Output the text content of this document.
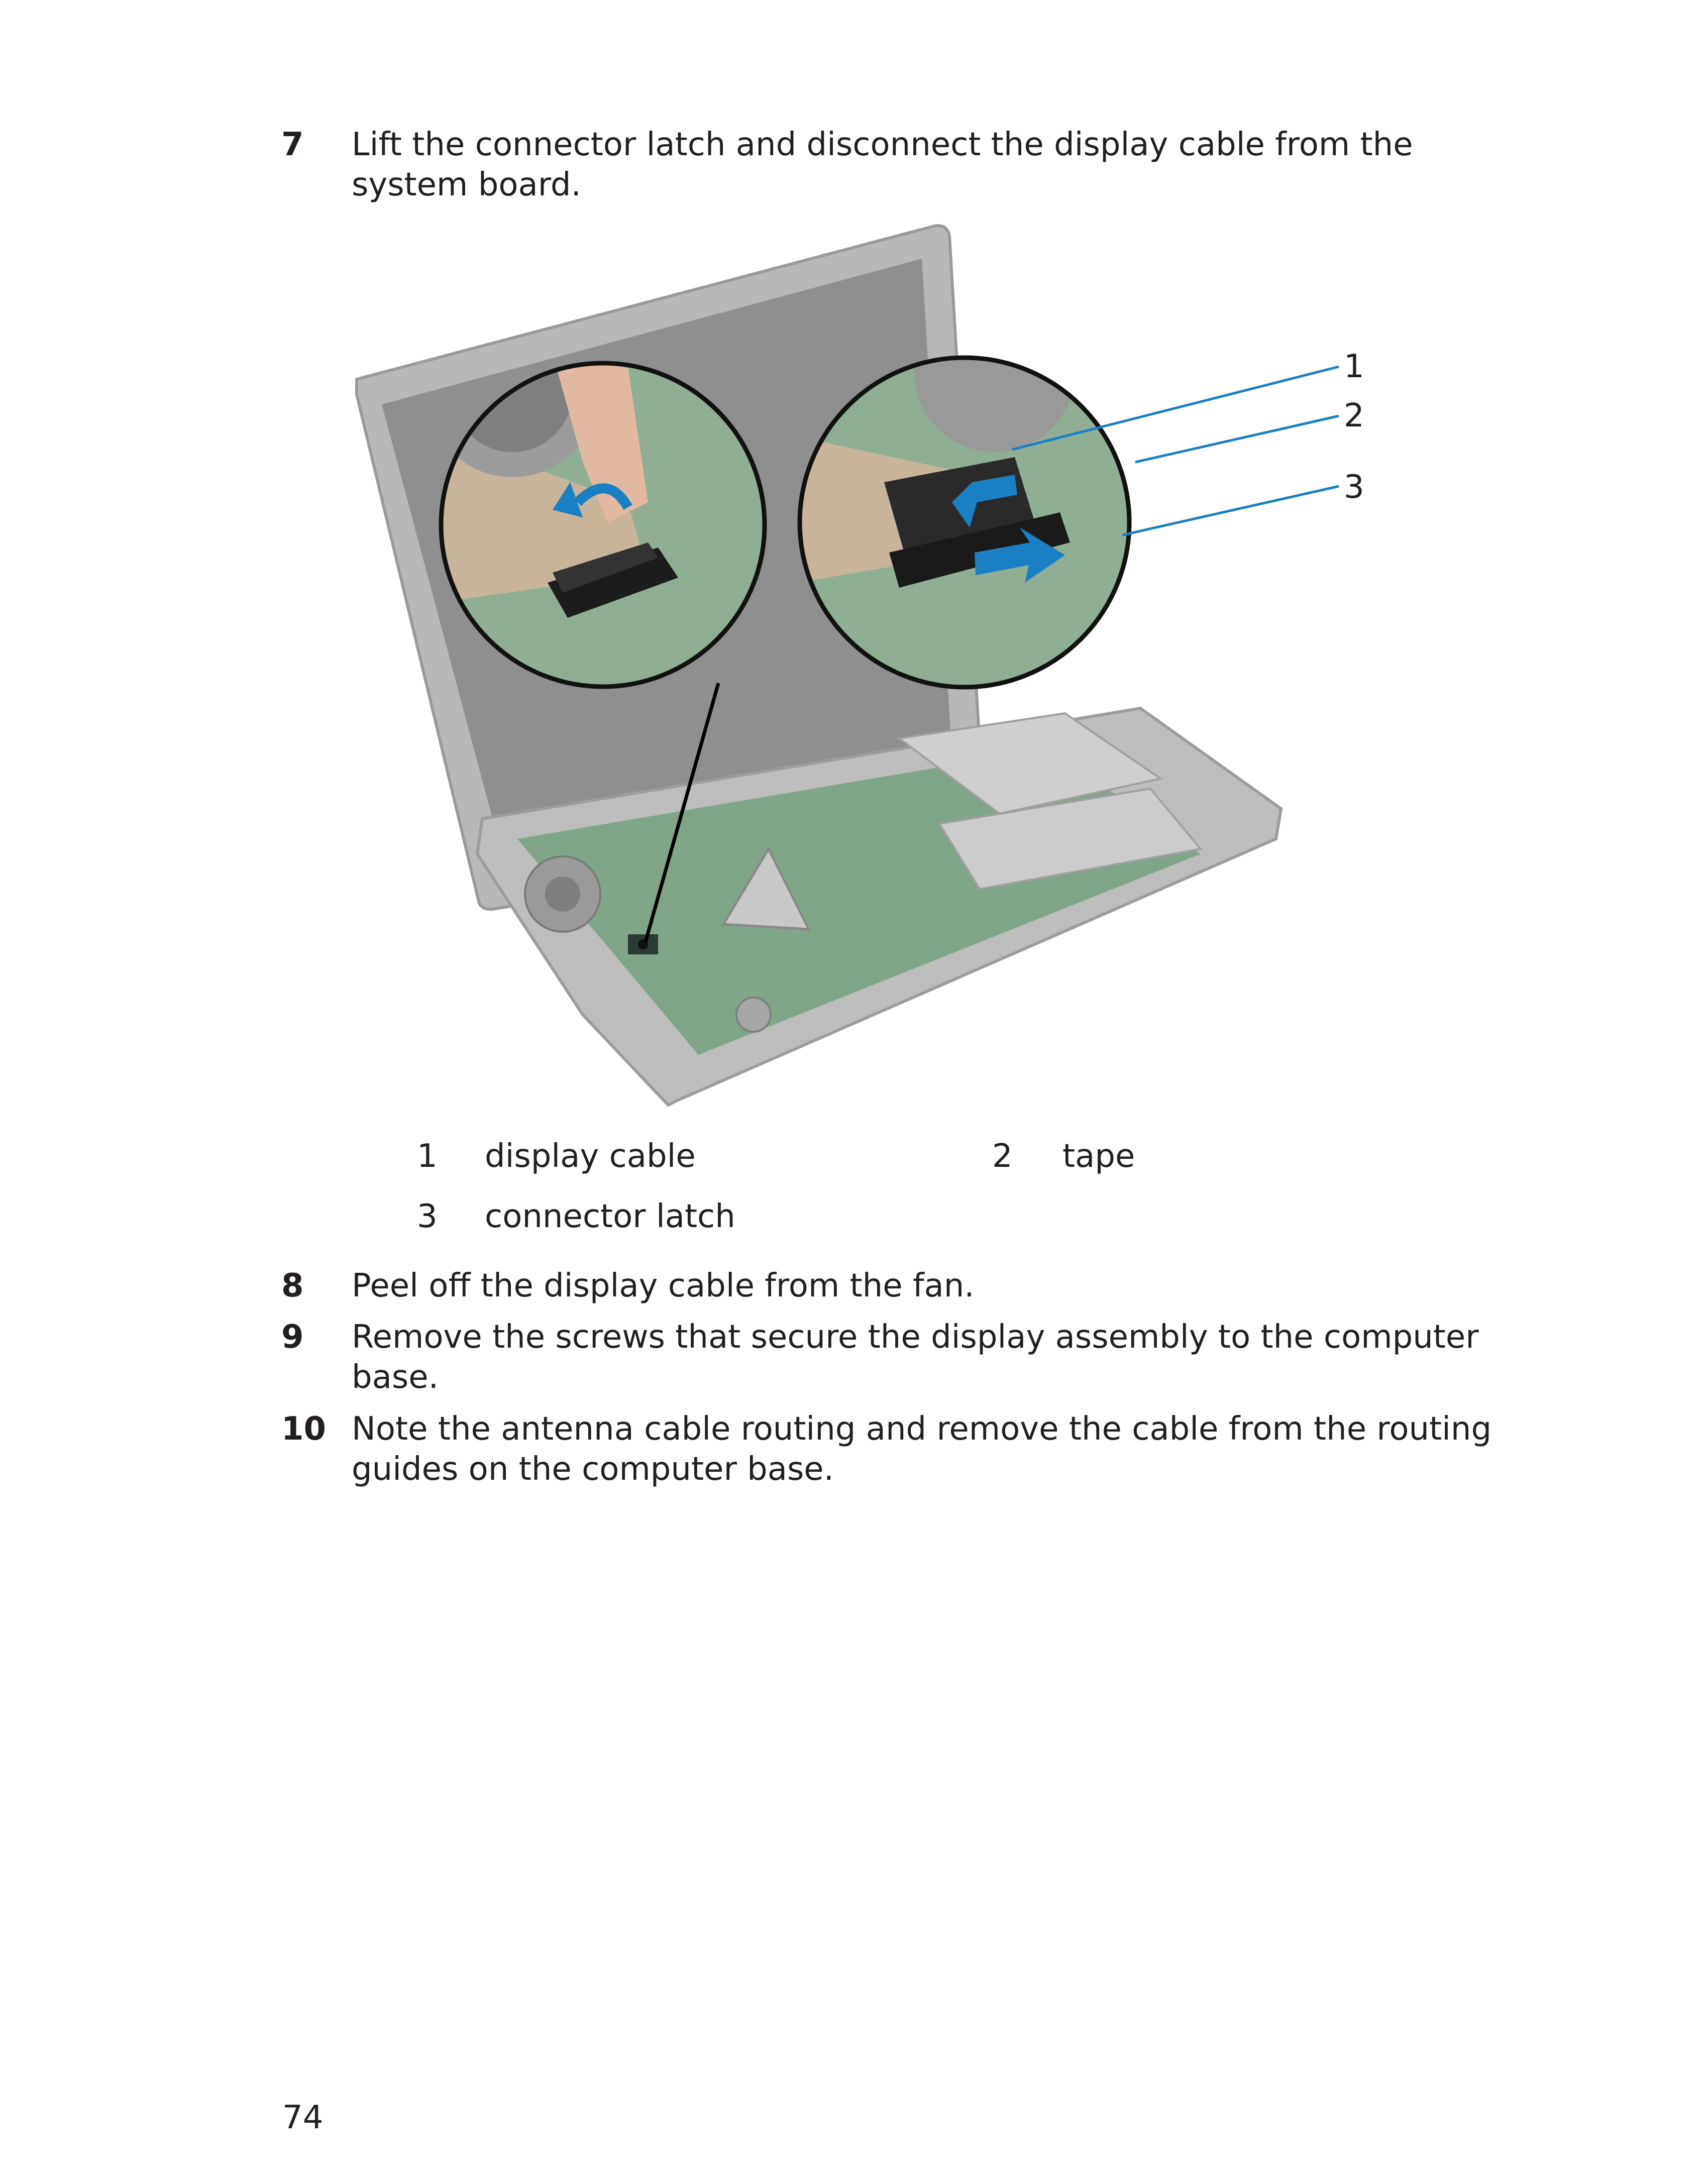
7 Lift the connector latch and disconnect the display cable from the system board.
1
2
3
1 display cable	2 tape
3 connector latch
8 Peel off the display cable from the fan.
9 Remove the screws that secure the display assembly to the computer base.
10 Note the antenna cable routing and remove the cable from the routing guides on the computer base.
74
